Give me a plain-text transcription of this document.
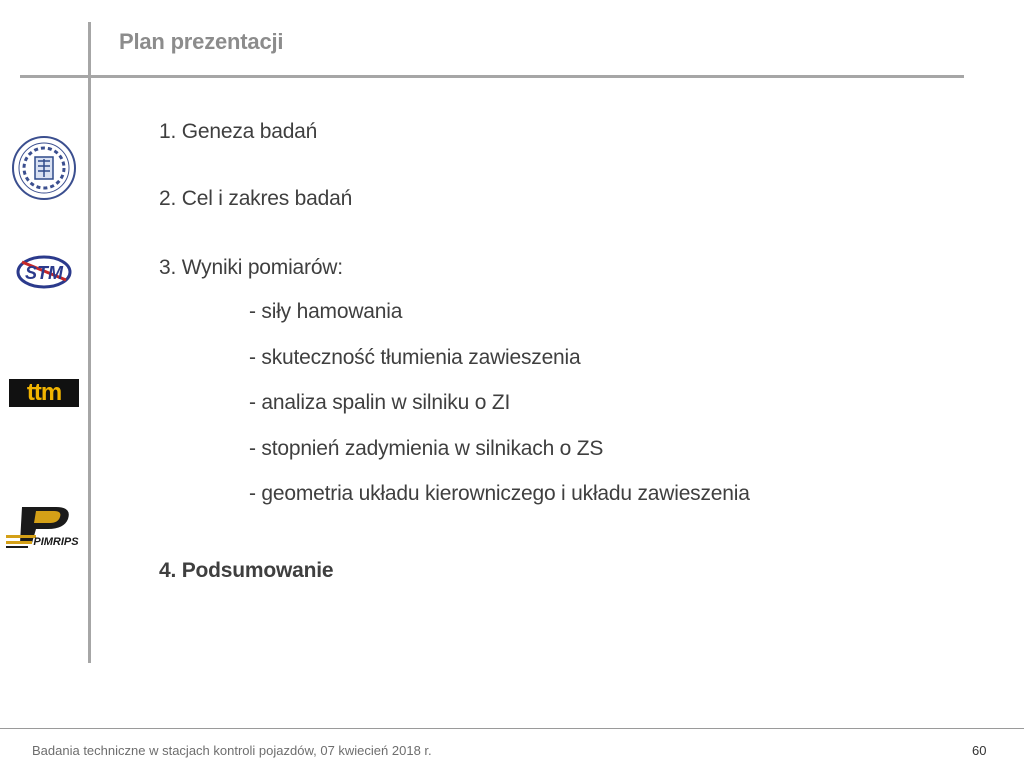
Plan prezentacji
STM
ttm
PIMRIPS
1. Geneza badań
2. Cel i zakres badań
3. Wyniki pomiarów:
- siły hamowania
- skuteczność tłumienia zawieszenia
- analiza spalin w silniku o ZI
- stopnień zadymienia w silnikach o ZS
- geometria układu kierowniczego i układu zawieszenia
4. Podsumowanie
Badania techniczne w stacjach kontroli pojazdów, 07 kwiecień 2018 r.	60
